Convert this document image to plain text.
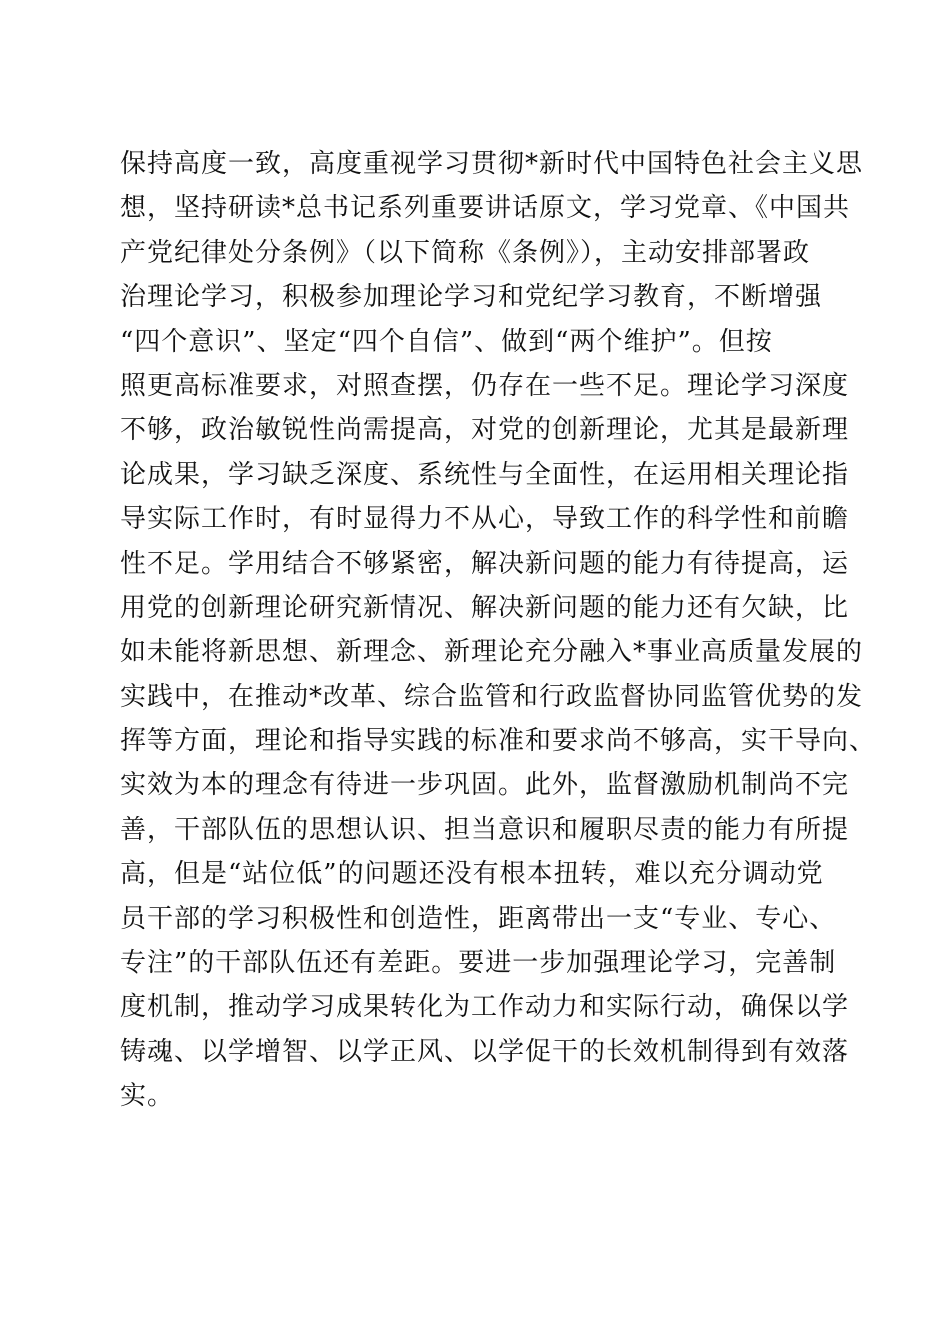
保持高度一致，高度重视学习贯彻*新时代中国特色社会主义思
想，坚持研读*总书记系列重要讲话原文，学习党章、《中国共
产党纪律处分条例》（以下简称《条例》），主动安排部署政
治理论学习，积极参加理论学习和党纪学习教育，不断增强
“四个意识”、坚定“四个自信”、做到“两个维护”。但按
照更高标准要求，对照查摆，仍存在一些不足。理论学习深度
不够，政治敏锐性尚需提高，对党的创新理论，尤其是最新理
论成果，学习缺乏深度、系统性与全面性，在运用相关理论指
导实际工作时，有时显得力不从心，导致工作的科学性和前瞻
性不足。学用结合不够紧密，解决新问题的能力有待提高，运
用党的创新理论研究新情况、解决新问题的能力还有欠缺，比
如未能将新思想、新理念、新理论充分融入*事业高质量发展的
实践中，在推动*改革、综合监管和行政监督协同监管优势的发
挥等方面，理论和指导实践的标准和要求尚不够高，实干导向、
实效为本的理念有待进一步巩固。此外，监督激励机制尚不完
善，干部队伍的思想认识、担当意识和履职尽责的能力有所提
高，但是“站位低”的问题还没有根本扭转，难以充分调动党
员干部的学习积极性和创造性，距离带出一支“专业、专心、
专注”的干部队伍还有差距。要进一步加强理论学习，完善制
度机制，推动学习成果转化为工作动力和实际行动，确保以学
铸魂、以学增智、以学正风、以学促干的长效机制得到有效落
实。
